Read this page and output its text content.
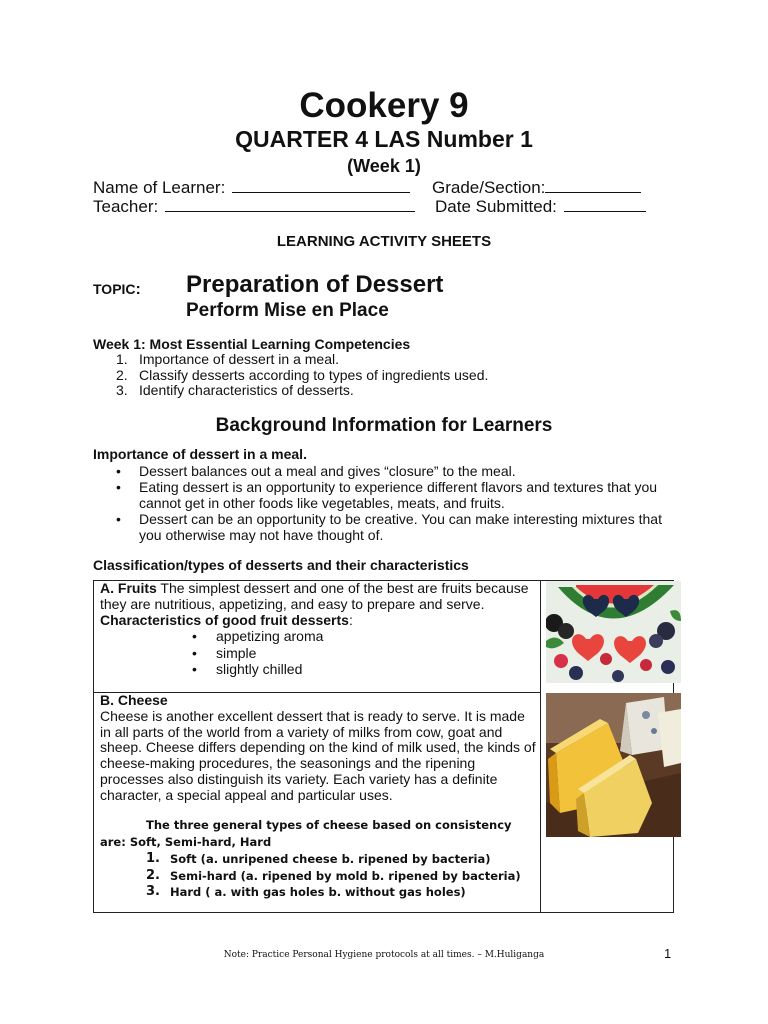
Cookery 9
QUARTER 4 LAS Number 1
(Week 1)
Name of Learner:	Grade/Section:
Teacher:	Date Submitted:
LEARNING ACTIVITY SHEETS
TOPIC: Preparation of Dessert
Perform Mise en Place
Week 1: Most Essential Learning Competencies
1. Importance of dessert in a meal.
2. Classify desserts according to types of ingredients used.
3. Identify characteristics of desserts.
Background Information for Learners
Importance of dessert in a meal.
• Dessert balances out a meal and gives “closure” to the meal.
• Eating dessert is an opportunity to experience different flavors and textures that you cannot get in other foods like vegetables, meats, and fruits.
• Dessert can be an opportunity to be creative. You can make interesting mixtures that you otherwise may not have thought of.
Classification/types of desserts and their characteristics
A. Fruits The simplest dessert and one of the best are fruits because they are nutritious, appetizing, and easy to prepare and serve.
Characteristics of good fruit desserts:
• appetizing aroma
• simple
• slightly chilled
B. Cheese
Cheese is another excellent dessert that is ready to serve. It is made in all parts of the world from a variety of milks from cow, goat and sheep. Cheese differs depending on the kind of milk used, the kinds of cheese-making procedures, the seasonings and the ripening processes also distinguish its variety. Each variety has a definite character, a special appeal and particular uses.
The three general types of cheese based on consistency are: Soft, Semi-hard, Hard
1. Soft (a. unripened cheese b. ripened by bacteria)
2. Semi-hard (a. ripened by mold b. ripened by bacteria)
3. Hard ( a. with gas holes b. without gas holes)
Note: Practice Personal Hygiene protocols at all times. – M.Huliganga	1
